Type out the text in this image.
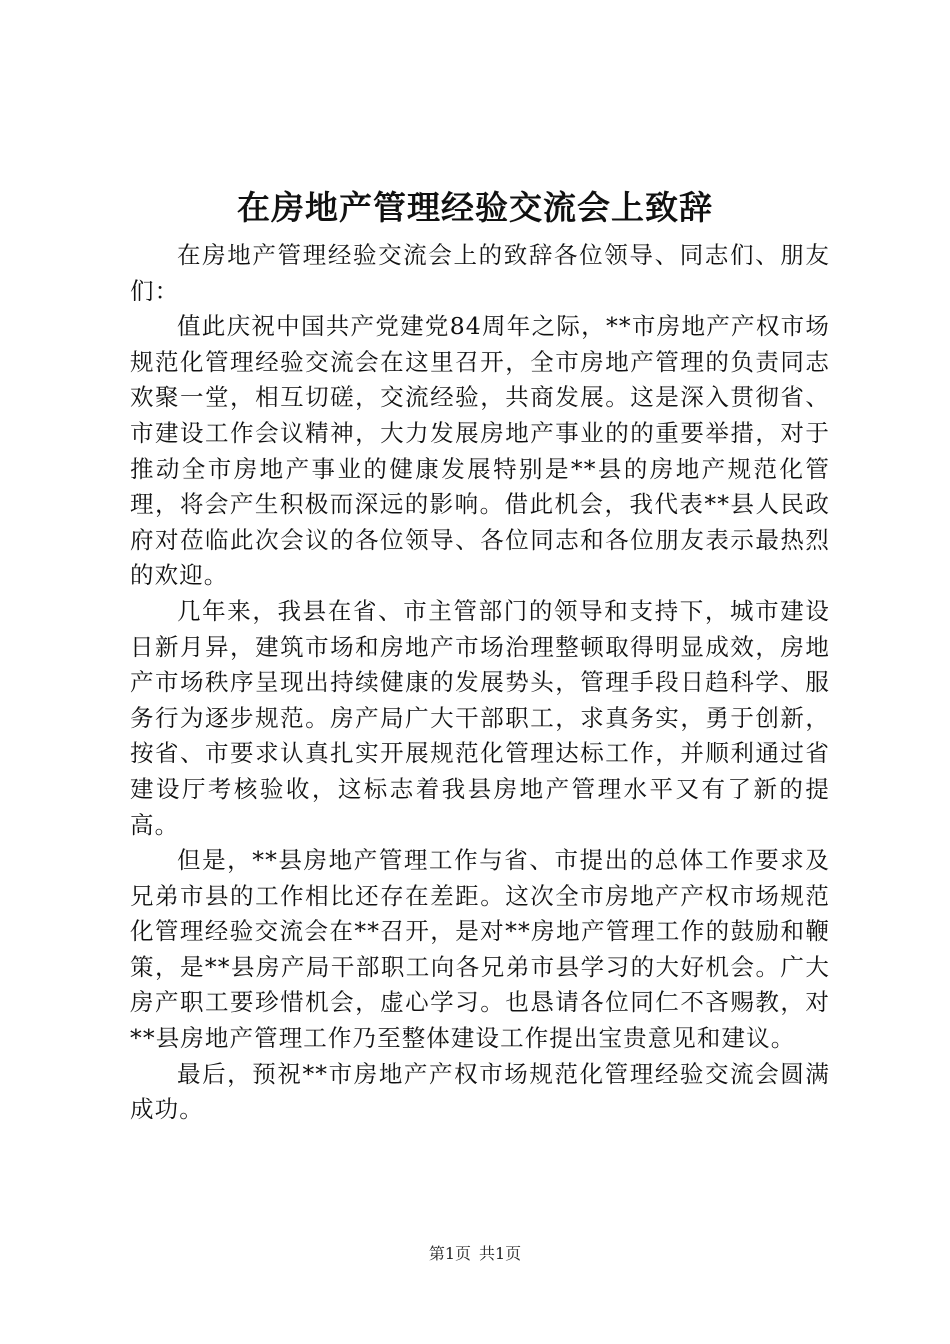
在房地产管理经验交流会上致辞

在房地产管理经验交流会上的致辞各位领导、同志们、朋友们：

值此庆祝中国共产党建党84周年之际，**市房地产产权市场规范化管理经验交流会在这里召开，全市房地产管理的负责同志欢聚一堂，相互切磋，交流经验，共商发展。这是深入贯彻省、市建设工作会议精神，大力发展房地产事业的的重要举措，对于推动全市房地产事业的健康发展特别是**县的房地产规范化管理，将会产生积极而深远的影响。借此机会，我代表**县人民政府对莅临此次会议的各位领导、各位同志和各位朋友表示最热烈的欢迎。

几年来，我县在省、市主管部门的领导和支持下，城市建设日新月异，建筑市场和房地产市场治理整顿取得明显成效，房地产市场秩序呈现出持续健康的发展势头，管理手段日趋科学、服务行为逐步规范。房产局广大干部职工，求真务实，勇于创新，按省、市要求认真扎实开展规范化管理达标工作，并顺利通过省建设厅考核验收，这标志着我县房地产管理水平又有了新的提高。

但是，**县房地产管理工作与省、市提出的总体工作要求及兄弟市县的工作相比还存在差距。这次全市房地产产权市场规范化管理经验交流会在**召开，是对**房地产管理工作的鼓励和鞭策，是**县房产局干部职工向各兄弟市县学习的大好机会。广大房产职工要珍惜机会，虚心学习。也恳请各位同仁不吝赐教，对**县房地产管理工作乃至整体建设工作提出宝贵意见和建议。

最后，预祝**市房地产产权市场规范化管理经验交流会圆满成功。

第1页 共1页
